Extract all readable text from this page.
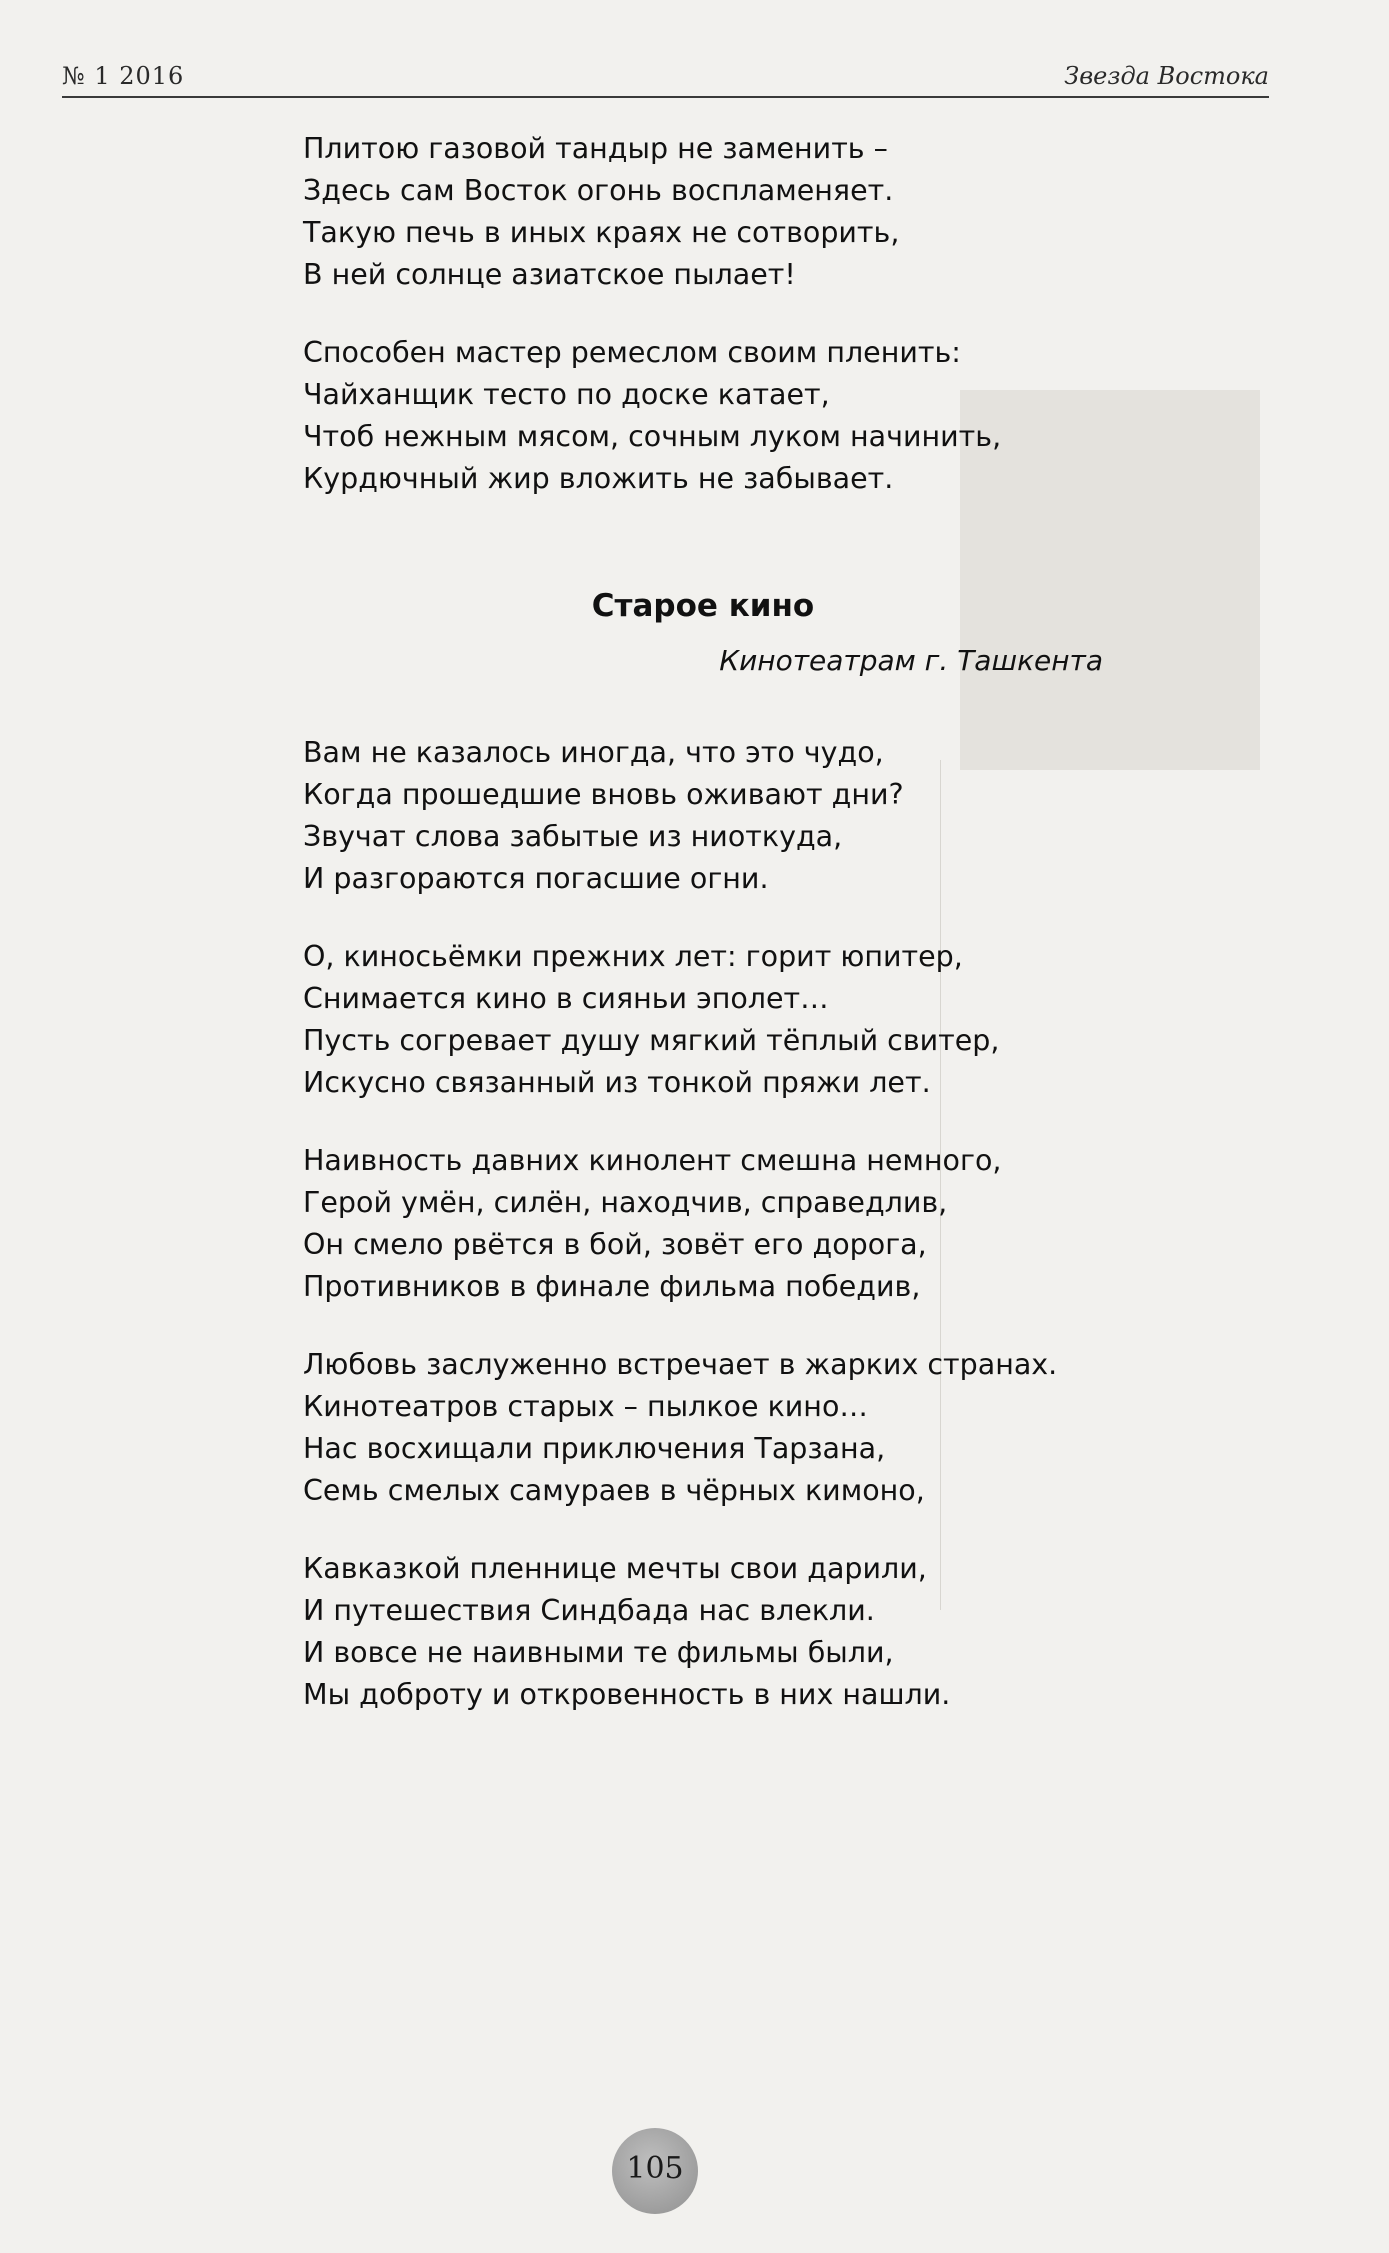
№ 1 2016	Звезда Востока
Плитою газовой тандыр не заменить –
Здесь сам Восток огонь воспламеняет.
Такую печь в иных краях не сотворить,
В ней солнце азиатское пылает!
Способен мастер ремеслом своим пленить:
Чайханщик тесто по доске катает,
Чтоб нежным мясом, сочным луком начинить,
Курдючный жир вложить не забывает.
Старое кино
Кинотеатрам г. Ташкента
Вам не казалось иногда, что это чудо,
Когда прошедшие вновь оживают дни?
Звучат слова забытые из ниоткуда,
И разгораются погасшие огни.
О, киносьёмки прежних лет: горит юпитер,
Снимается кино в сияньи эполет…
Пусть согревает душу мягкий тёплый свитер,
Искусно связанный из тонкой пряжи лет.
Наивность давних кинолент смешна немного,
Герой умён, силён, находчив, справедлив,
Он смело рвётся в бой, зовёт его дорога,
Противников в финале фильма победив,
Любовь заслуженно встречает в жарких странах.
Кинотеатров старых – пылкое кино…
Нас восхищали приключения Тарзана,
Семь смелых самураев в чёрных кимоно,
Кавказкой пленнице мечты свои дарили,
И путешествия Синдбада нас влекли.
И вовсе не наивными те фильмы были,
Мы доброту и откровенность в них нашли.
105
